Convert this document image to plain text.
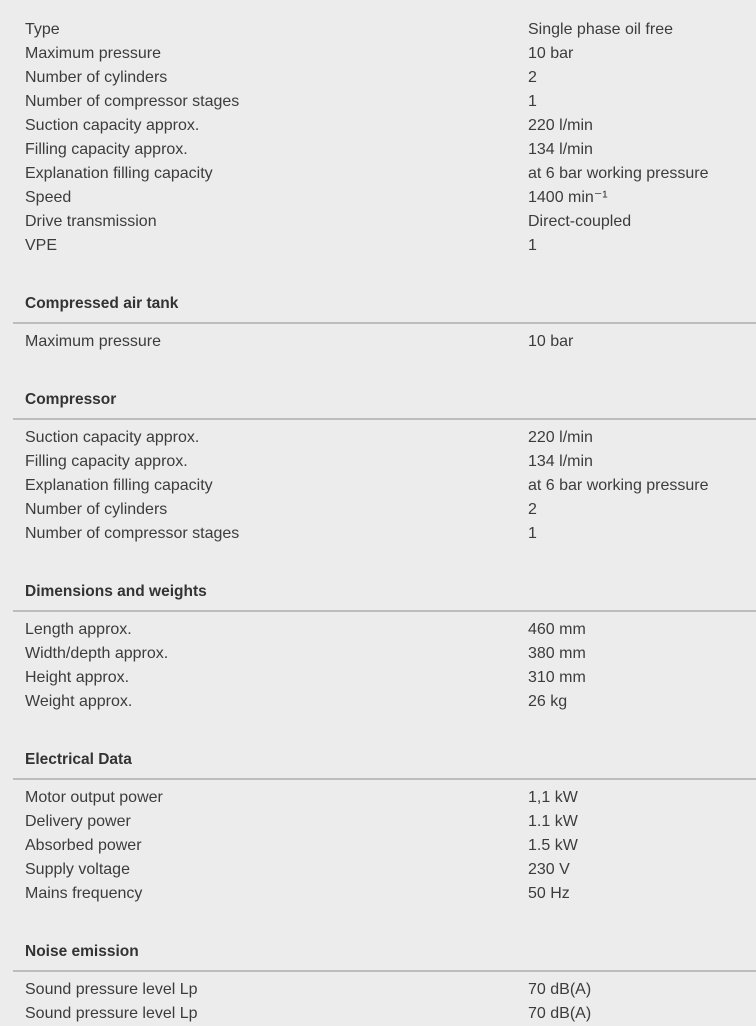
Type	Single phase oil free
Maximum pressure	10 bar
Number of cylinders	2
Number of compressor stages	1
Suction capacity approx.	220 l/min
Filling capacity approx.	134 l/min
Explanation filling capacity	at 6 bar working pressure
Speed	1400 min⁻¹
Drive transmission	Direct-coupled
VPE	1
Compressed air tank
Maximum pressure	10 bar
Compressor
Suction capacity approx.	220 l/min
Filling capacity approx.	134 l/min
Explanation filling capacity	at 6 bar working pressure
Number of cylinders	2
Number of compressor stages	1
Dimensions and weights
Length approx.	460 mm
Width/depth approx.	380 mm
Height approx.	310 mm
Weight approx.	26 kg
Electrical Data
Motor output power	1,1 kW
Delivery power	1.1 kW
Absorbed power	1.5 kW
Supply voltage	230 V
Mains frequency	50 Hz
Noise emission
Sound pressure level Lp	70 dB(A)
Sound pressure level Lp	70 dB(A)
